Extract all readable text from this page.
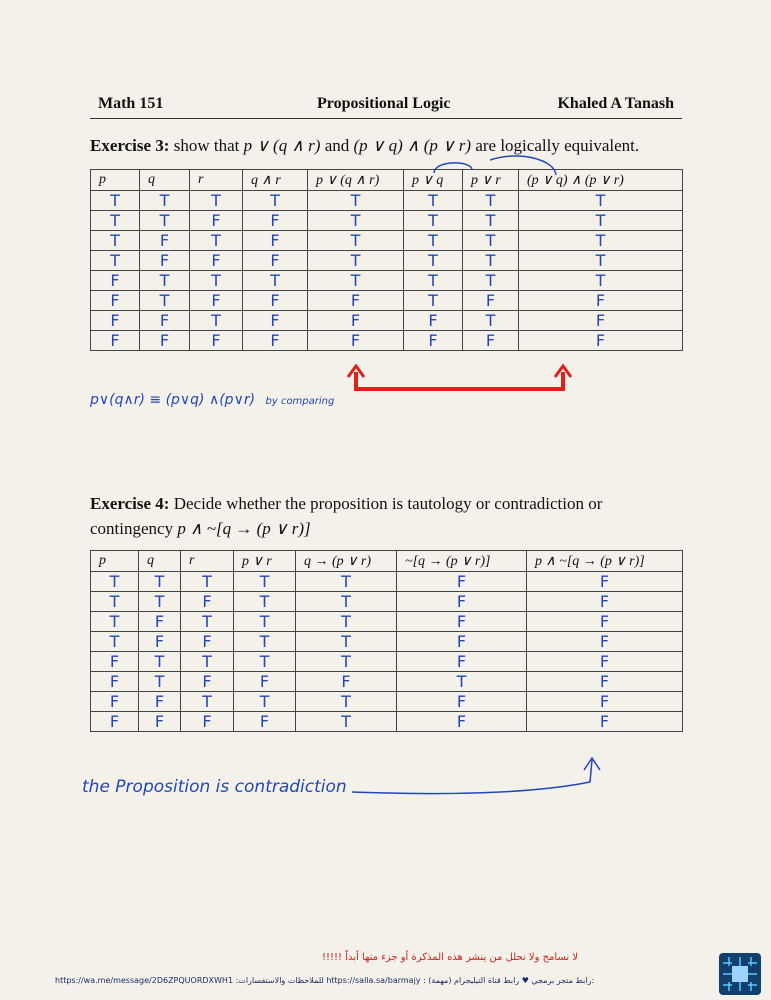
Math 151	Propositional Logic	Khaled A Tanash
Exercise 3: show that p ∨ (q ∧ r) and (p ∨ q) ∧ (p ∨ r) are logically equivalent.
p	q	r	q ∧ r	p ∨ (q ∧ r)	p ∨ q	p ∨ r	(p ∨ q) ∧ (p ∨ r)
T	T	T	T	T	T	T	T
T	T	F	F	T	T	T	T
T	F	T	F	T	T	T	T
T	F	F	F	T	T	T	T
F	T	T	T	T	T	T	T
F	T	F	F	F	T	F	F
F	F	T	F	F	F	T	F
F	F	F	F	F	F	F	F
p∨(q∧r) ≡ (p∨q) ∧(p∨r) by comparing
Exercise 4: Decide whether the proposition is tautology or contradiction or
contingency p ∧ ~[q → (p ∨ r)]
p	q	r	p ∨ r	q → (p ∨ r)	~[q → (p ∨ r)]	p ∧ ~[q → (p ∨ r)]
T	T	T	T	T	F	F
T	T	F	T	T	F	F
T	F	T	T	T	F	F
T	F	F	T	T	F	F
F	T	T	T	T	F	F
F	T	F	F	F	T	F
F	F	T	T	T	F	F
F	F	F	F	T	F	F
the Proposition is contradiction
لا نسامح ولا نحلل من ينشر هذه المذكرة أو جزء منها أبداً !!!!!
https://wa.me/message/2D6ZPQUORDXWH1 :للملاحظات والاستفسارات https://salla.sa/barmajy : رابط متجر برمجي ♥ رابط قناة التيليجرام (مهمة):
